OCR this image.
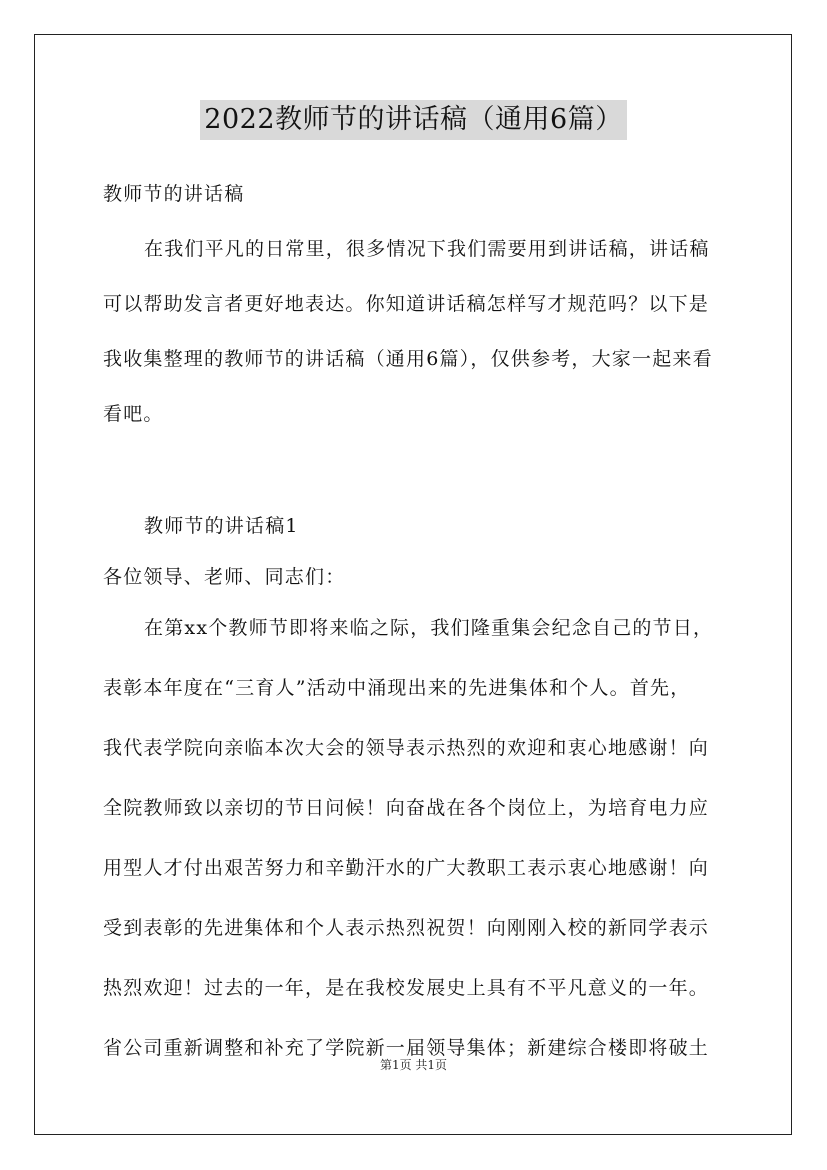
2022教师节的讲话稿（通用6篇）
教师节的讲话稿
在我们平凡的日常里，很多情况下我们需要用到讲话稿，讲话稿
可以帮助发言者更好地表达。你知道讲话稿怎样写才规范吗？以下是
我收集整理的教师节的讲话稿（通用6篇），仅供参考，大家一起来看
看吧。
教师节的讲话稿1
各位领导、老师、同志们：
在第xx个教师节即将来临之际，我们隆重集会纪念自己的节日，
表彰本年度在“三育人”活动中涌现出来的先进集体和个人。首先，
我代表学院向亲临本次大会的领导表示热烈的欢迎和衷心地感谢！向
全院教师致以亲切的节日问候！向奋战在各个岗位上，为培育电力应
用型人才付出艰苦努力和辛勤汗水的广大教职工表示衷心地感谢！向
受到表彰的先进集体和个人表示热烈祝贺！向刚刚入校的新同学表示
热烈欢迎！过去的一年，是在我校发展史上具有不平凡意义的一年。
省公司重新调整和补充了学院新一届领导集体；新建综合楼即将破土
第1页 共1页
